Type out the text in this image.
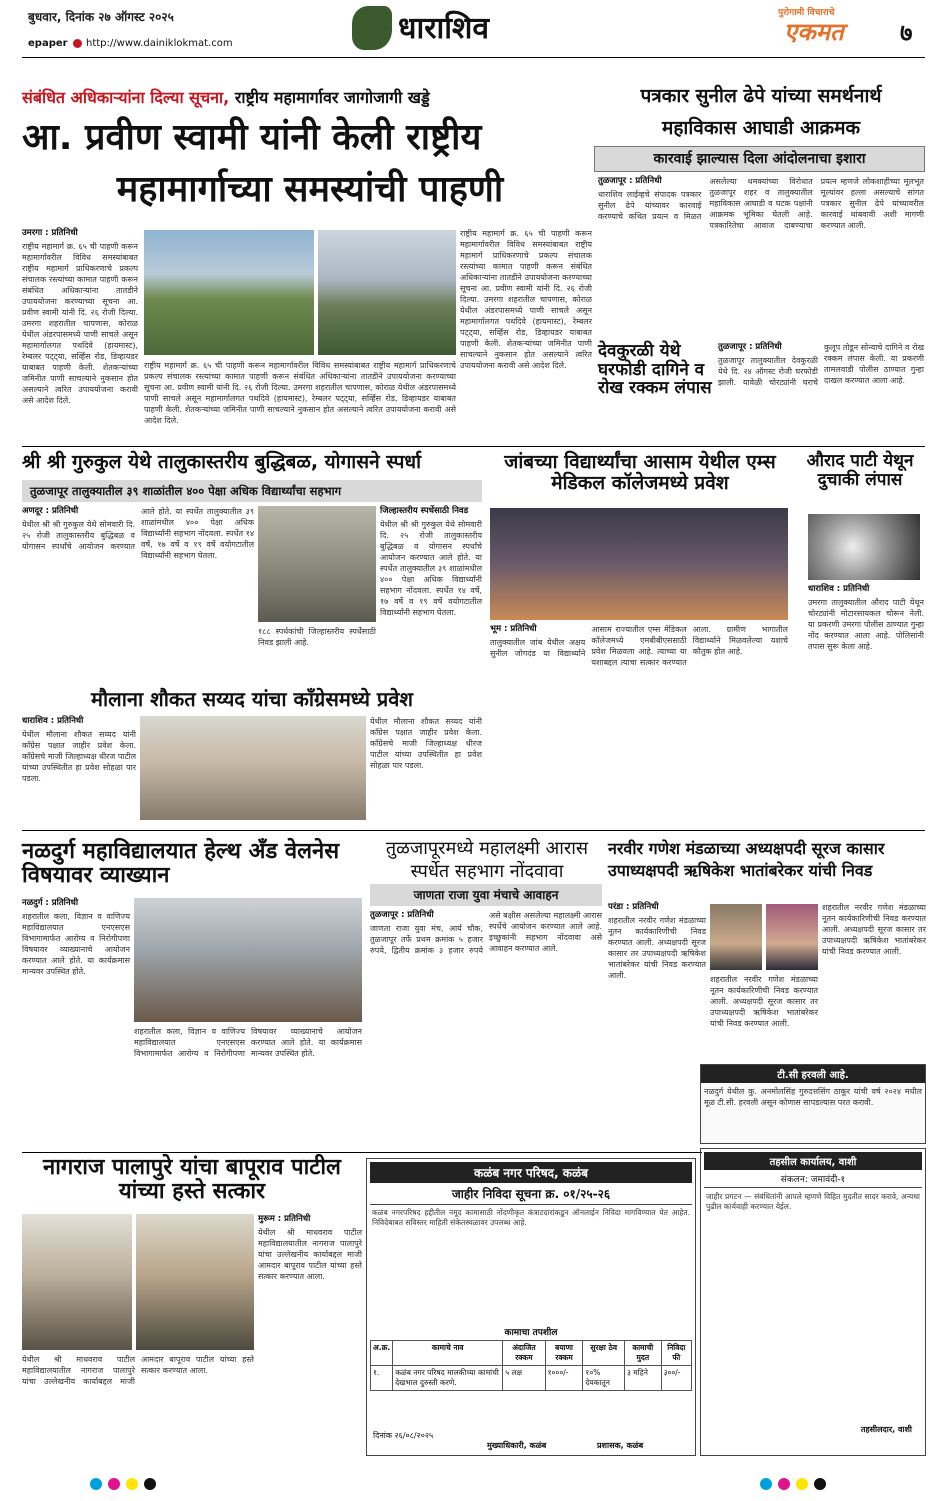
बुधवार, दिनांक २७ ऑगस्ट २०२५	धाराशिव
epaper http://www.dainiklokmat.com
पुरोगामी विचाराचे
एकमत ७
संबंधित अधिकाऱ्यांना दिल्या सूचना, राष्ट्रीय महामार्गावर जागोजागी खड्डे
आ. प्रवीण स्वामी यांनी केली राष्ट्रीय
महामार्गाच्या समस्यांची पाहणी
उमरगा : प्रतिनिधी
राष्ट्रीय महामार्ग क्र. ६५ ची पाहणी करून महामार्गावरील विविध समस्यांबाबत राष्ट्रीय महामार्ग प्राधिकरणाचे प्रकल्प संचालक रस्त्यांच्या कामात पाहणी करून संबंधित अधिकाऱ्यांना तातडीने उपाययोजना करण्याच्या सूचना आ. प्रवीण स्वामी यांनी दि. २६ रोजी दिल्या. उमरगा शहरातील चापणास, कोराळ येथील अंडरपासमध्ये पाणी साचले असून महामार्गालगत पथदिवे (हायमास्ट), रेम्बलर पट्ट्या, सर्व्हिस रोड, डिव्हायडर याबाबत पाहणी केली. शेतकऱ्यांच्या जमिनीत पाणी साचल्याने नुकसान होत असल्याने त्वरित उपाययोजना करावी असे आदेश दिले.
राष्ट्रीय महामार्ग क्र. ६५ ची पाहणी करून महामार्गावरील विविध समस्यांबाबत राष्ट्रीय महामार्ग प्राधिकरणाचे प्रकल्प संचालक रस्त्यांच्या कामात पाहणी करून संबंधित अधिकाऱ्यांना तातडीने उपाययोजना करण्याच्या सूचना आ. प्रवीण स्वामी यांनी दि. २६ रोजी दिल्या. उमरगा शहरातील चापणास, कोराळ येथील अंडरपासमध्ये पाणी साचले असून महामार्गालगत पथदिवे (हायमास्ट), रेम्बलर पट्ट्या, सर्व्हिस रोड, डिव्हायडर याबाबत पाहणी केली. शेतकऱ्यांच्या जमिनीत पाणी साचल्याने नुकसान होत असल्याने त्वरित उपाययोजना करावी असे आदेश दिले.
राष्ट्रीय महामार्ग क्र. ६५ ची पाहणी करून महामार्गावरील विविध समस्यांबाबत राष्ट्रीय महामार्ग प्राधिकरणाचे प्रकल्प संचालक रस्त्यांच्या कामात पाहणी करून संबंधित अधिकाऱ्यांना तातडीने उपाययोजना करण्याच्या सूचना आ. प्रवीण स्वामी यांनी दि. २६ रोजी दिल्या. उमरगा शहरातील चापणास, कोराळ येथील अंडरपासमध्ये पाणी साचले असून महामार्गालगत पथदिवे (हायमास्ट), रेम्बलर पट्ट्या, सर्व्हिस रोड, डिव्हायडर याबाबत पाहणी केली. शेतकऱ्यांच्या जमिनीत पाणी साचल्याने नुकसान होत असल्याने त्वरित उपाययोजना करावी असे आदेश दिले.
पत्रकार सुनील ढेपे यांच्या समर्थनार्थ
महाविकास आघाडी आक्रमक
कारवाई झाल्यास दिला आंदोलनाचा इशारा
तुळजापूर : प्रतिनिधी
धाराशिव लाईव्हचे संपादक पत्रकार सुनील ढेपे यांच्यावर कारवाई करण्याचे कथित प्रयत्न व मिळत असलेल्या धमक्यांच्या विरोधात तुळजापूर शहर व तालुक्यातील महाविकास आघाडी व घटक पक्षांनी आक्रमक भूमिका घेतली आहे. पत्रकारितेचा आवाज दाबण्याचा प्रयत्न म्हणजे लोकशाहीच्या मूलभूत मूल्यांवर हल्ला असल्याचे सांगत पत्रकार सुनील ढेपे यांच्यावरील कारवाई थांबवावी अशी मागणी करण्यात आली.
देवकुरळी येथे घरफोडी दागिने व रोख रक्कम लंपास
तुळजापूर : प्रतिनिधी
तुळजापूर तालुक्यातील देवकुरळी येथे दि. २४ ऑगस्ट रोजी घरफोडी झाली. यावेळी चोरट्यांनी घराचे कुलूप तोडून सोन्याचे दागिने व रोख रक्कम लंपास केली. या प्रकरणी तामलवाडी पोलीस ठाण्यात गुन्हा दाखल करण्यात आला आहे.
श्री श्री गुरुकुल येथे तालुकास्तरीय बुद्धिबळ, योगासने स्पर्धा
तुळजापूर तालुक्यातील ३९ शाळांतील ४०० पेक्षा अधिक विद्यार्थ्यांचा सहभाग
अणदूर : प्रतिनिधी
येथील श्री श्री गुरुकुल येथे सोमवारी दि. २५ रोजी तालुकास्तरीय बुद्धिबळ व योगासन स्पर्धांचे आयोजन करण्यात आले होते. या स्पर्धेत तालुक्यातील ३९ शाळांमधील ४०० पेक्षा अधिक विद्यार्थ्यांनी सहभाग नोंदवला. स्पर्धेत १४ वर्षे, १७ वर्षे व १९ वर्षे वयोगटातील विद्यार्थ्यांनी सहभाग घेतला.
१८८ स्पर्धकांची जिल्हास्तरीय स्पर्धेसाठी निवड झाली आहे.
जिल्हास्तरीय स्पर्धेसाठी निवड
येथील श्री श्री गुरुकुल येथे सोमवारी दि. २५ रोजी तालुकास्तरीय बुद्धिबळ व योगासन स्पर्धांचे आयोजन करण्यात आले होते. या स्पर्धेत तालुक्यातील ३९ शाळांमधील ४०० पेक्षा अधिक विद्यार्थ्यांनी सहभाग नोंदवला. स्पर्धेत १४ वर्षे, १७ वर्षे व १९ वर्षे वयोगटातील विद्यार्थ्यांनी सहभाग घेतला.
जांबच्या विद्यार्थ्यांचा आसाम येथील एम्स मेडिकल कॉलेजमध्ये प्रवेश
भूम : प्रतिनिधी
तालुक्यातील जांब येथील अक्षय सुनील जोगदंड या विद्यार्थ्याने आसाम राज्यातील एम्स मेडिकल कॉलेजमध्ये एमबीबीएससाठी प्रवेश मिळवला आहे. त्याच्या या यशाबद्दल त्याचा सत्कार करण्यात आला. ग्रामीण भागातील विद्यार्थ्याने मिळवलेल्या यशाचे कौतुक होत आहे.
औराद पाटी येथून दुचाकी लंपास
धाराशिव : प्रतिनिधी
उमरगा तालुक्यातील औराद पाटी येथून चोरट्यांनी मोटारसायकल चोरून नेली. या प्रकरणी उमरगा पोलीस ठाण्यात गुन्हा नोंद करण्यात आला आहे. पोलिसांनी तपास सुरू केला आहे.
मौलाना शौकत सय्यद यांचा काँग्रेसमध्ये प्रवेश
धाराशिव : प्रतिनिधी
येथील मौलाना शौकत सय्यद यांनी काँग्रेस पक्षात जाहीर प्रवेश केला. काँग्रेसचे माजी जिल्हाध्यक्ष धीरज पाटील यांच्या उपस्थितीत हा प्रवेश सोहळा पार पडला.
येथील मौलाना शौकत सय्यद यांनी काँग्रेस पक्षात जाहीर प्रवेश केला. काँग्रेसचे माजी जिल्हाध्यक्ष धीरज पाटील यांच्या उपस्थितीत हा प्रवेश सोहळा पार पडला.
नळदुर्ग महाविद्यालयात हेल्थ अँड वेलनेस विषयावर व्याख्यान
नळदुर्ग : प्रतिनिधी
शहरातील कला, विज्ञान व वाणिज्य महाविद्यालयात एनएसएस विभागामार्फत आरोग्य व निरोगीपणा विषयावर व्याख्यानाचे आयोजन करण्यात आले होते. या कार्यक्रमास मान्यवर उपस्थित होते.
शहरातील कला, विज्ञान व वाणिज्य महाविद्यालयात एनएसएस विभागामार्फत आरोग्य व निरोगीपणा विषयावर व्याख्यानाचे आयोजन करण्यात आले होते. या कार्यक्रमास मान्यवर उपस्थित होते.
तुळजापूरमध्ये महालक्ष्मी आरास स्पर्धेत सहभाग नोंदवावा
जाणता राजा युवा मंचाचे आवाहन
तुळजापूर : प्रतिनिधी
जाणता राजा युवा मंच, आर्य चौक, तुळजापूर तर्फे प्रथम क्रमांक ५ हजार रुपये, द्वितीय क्रमांक ३ हजार रुपये असे बक्षीस असलेल्या महालक्ष्मी आरास स्पर्धेचे आयोजन करण्यात आले आहे. इच्छुकांनी सहभाग नोंदवावा असे आवाहन करण्यात आले.
नरवीर गणेश मंडळाच्या अध्यक्षपदी सूरज कासार उपाध्यक्षपदी ऋषिकेश भातांबरेकर यांची निवड
परंडा : प्रतिनिधी
शहरातील नरवीर गणेश मंडळाच्या नूतन कार्यकारिणीची निवड करण्यात आली. अध्यक्षपदी सूरज कासार तर उपाध्यक्षपदी ऋषिकेश भातांबरेकर यांची निवड करण्यात आली.	शहरातील नरवीर गणेश मंडळाच्या नूतन कार्यकारिणीची निवड करण्यात आली. अध्यक्षपदी सूरज कासार तर उपाध्यक्षपदी ऋषिकेश भातांबरेकर यांची निवड करण्यात आली.
शहरातील नरवीर गणेश मंडळाच्या नूतन कार्यकारिणीची निवड करण्यात आली. अध्यक्षपदी सूरज कासार तर उपाध्यक्षपदी ऋषिकेश भातांबरेकर यांची निवड करण्यात आली.
टी.सी हरवली आहे.
नळदुर्ग येथील कु. अनमोलसिंह गुरुदत्तसिंग ठाकूर यांची वर्ष २०२४ मधील मूळ टी.सी. हरवली असून कोणास सापडल्यास परत करावी.
नागराज पालापुरे यांचा बापूराव पाटील यांच्या हस्ते सत्कार
मुरूम : प्रतिनिधी
येथील श्री माधवराव पाटील महाविद्यालयातील नागराज पालापुरे यांचा उल्लेखनीय कार्याबद्दल माजी आमदार बापूराव पाटील यांच्या हस्ते सत्कार करण्यात आला.
येथील श्री माधवराव पाटील महाविद्यालयातील नागराज पालापुरे यांचा उल्लेखनीय कार्याबद्दल माजी आमदार बापूराव पाटील यांच्या हस्ते सत्कार करण्यात आला.
कळंब नगर परिषद, कळंब
जाहीर निविदा सूचना क्र. ०१/२५-२६
कळंब नगरपरिषद हद्दीतील नमूद कामासाठी नोंदणीकृत कंत्राटदारांकडून ऑनलाईन निविदा मागविण्यात येत आहेत. निविदेबाबत सविस्तर माहिती संकेतस्थळावर उपलब्ध आहे.
कामाचा तपशील
अ.क्र.	कामाचे नाव	अंदाजित रक्कम	बयाणा रक्कम	सुरक्षा ठेव	कामाची मुदत	निविदा फी
१.	कळंब नगर परिषद मालकीच्या कामांची देखभाल दुरुस्ती करणे.	५ लक्ष	१०००/-	१०% देयकातून	३ महिने	३००/-
दिनांक २६/०८/२०२५
मुख्याधिकारी, कळंब	प्रशासक, कळंब
तहसील कार्यालय, वाशी
संकलन: जमावंदी-१
जाहीर प्रगटन — संबंधितांनी आपले म्हणणे विहित मुदतीत सादर करावे, अन्यथा पुढील कार्यवाही करण्यात येईल.
तहसीलदार, वाशी
